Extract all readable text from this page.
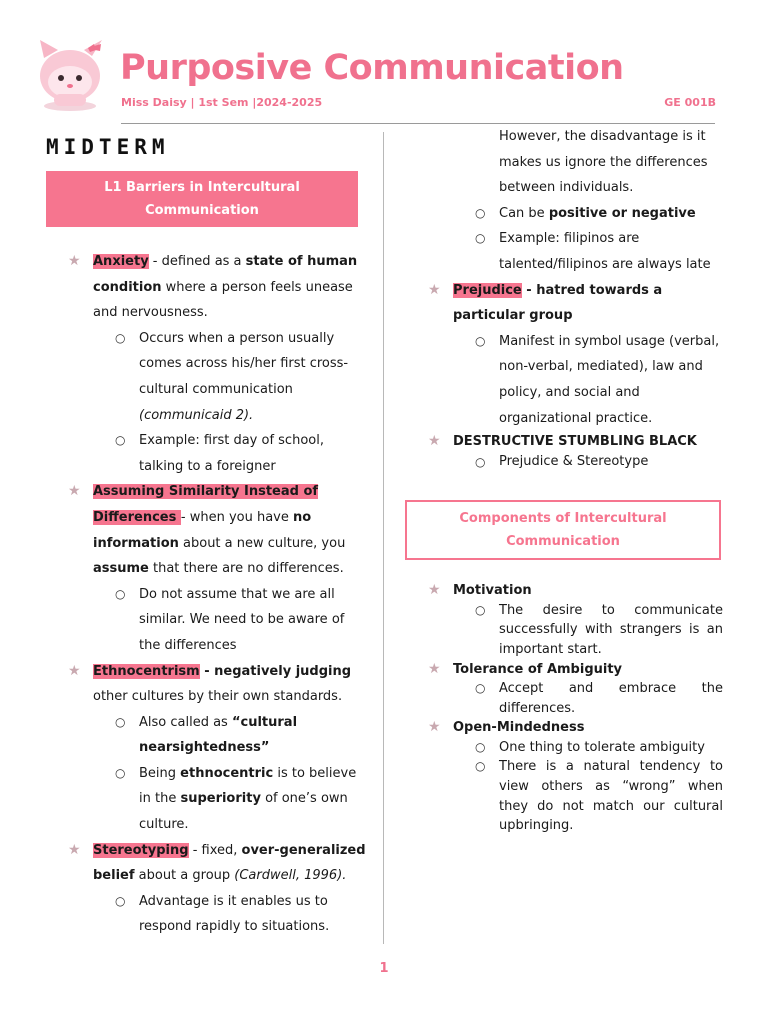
Purposive Communication
Miss Daisy | 1st Sem |2024-2025	GE 001B
MIDTERM
L1 Barriers in Intercultural Communication
★ Anxiety - defined as a state of human condition where a person feels unease and nervousness.
○ Occurs when a person usually comes across his/her first cross-cultural communication (communicaid 2).
○ Example: first day of school, talking to a foreigner
★ Assuming Similarity Instead of Differences - when you have no information about a new culture, you assume that there are no differences.
○ Do not assume that we are all similar. We need to be aware of the differences
★ Ethnocentrism - negatively judging other cultures by their own standards.
○ Also called as “cultural nearsightedness”
○ Being ethnocentric is to believe in the superiority of one’s own culture.
★ Stereotyping - fixed, over-generalized belief about a group (Cardwell, 1996).
○ Advantage is it enables us to respond rapidly to situations.
However, the disadvantage is it makes us ignore the differences between individuals.
○ Can be positive or negative
○ Example: filipinos are talented/filipinos are always late
★ Prejudice - hatred towards a particular group
○ Manifest in symbol usage (verbal, non-verbal, mediated), law and policy, and social and organizational practice.
★ DESTRUCTIVE STUMBLING BLACK
○ Prejudice & Stereotype
Components of Intercultural Communication
★ Motivation
○ The desire to communicate successfully with strangers is an important start.
★ Tolerance of Ambiguity
○ Accept and embrace the differences.
★ Open-Mindedness
○ One thing to tolerate ambiguity
○ There is a natural tendency to view others as “wrong” when they do not match our cultural upbringing.
1
